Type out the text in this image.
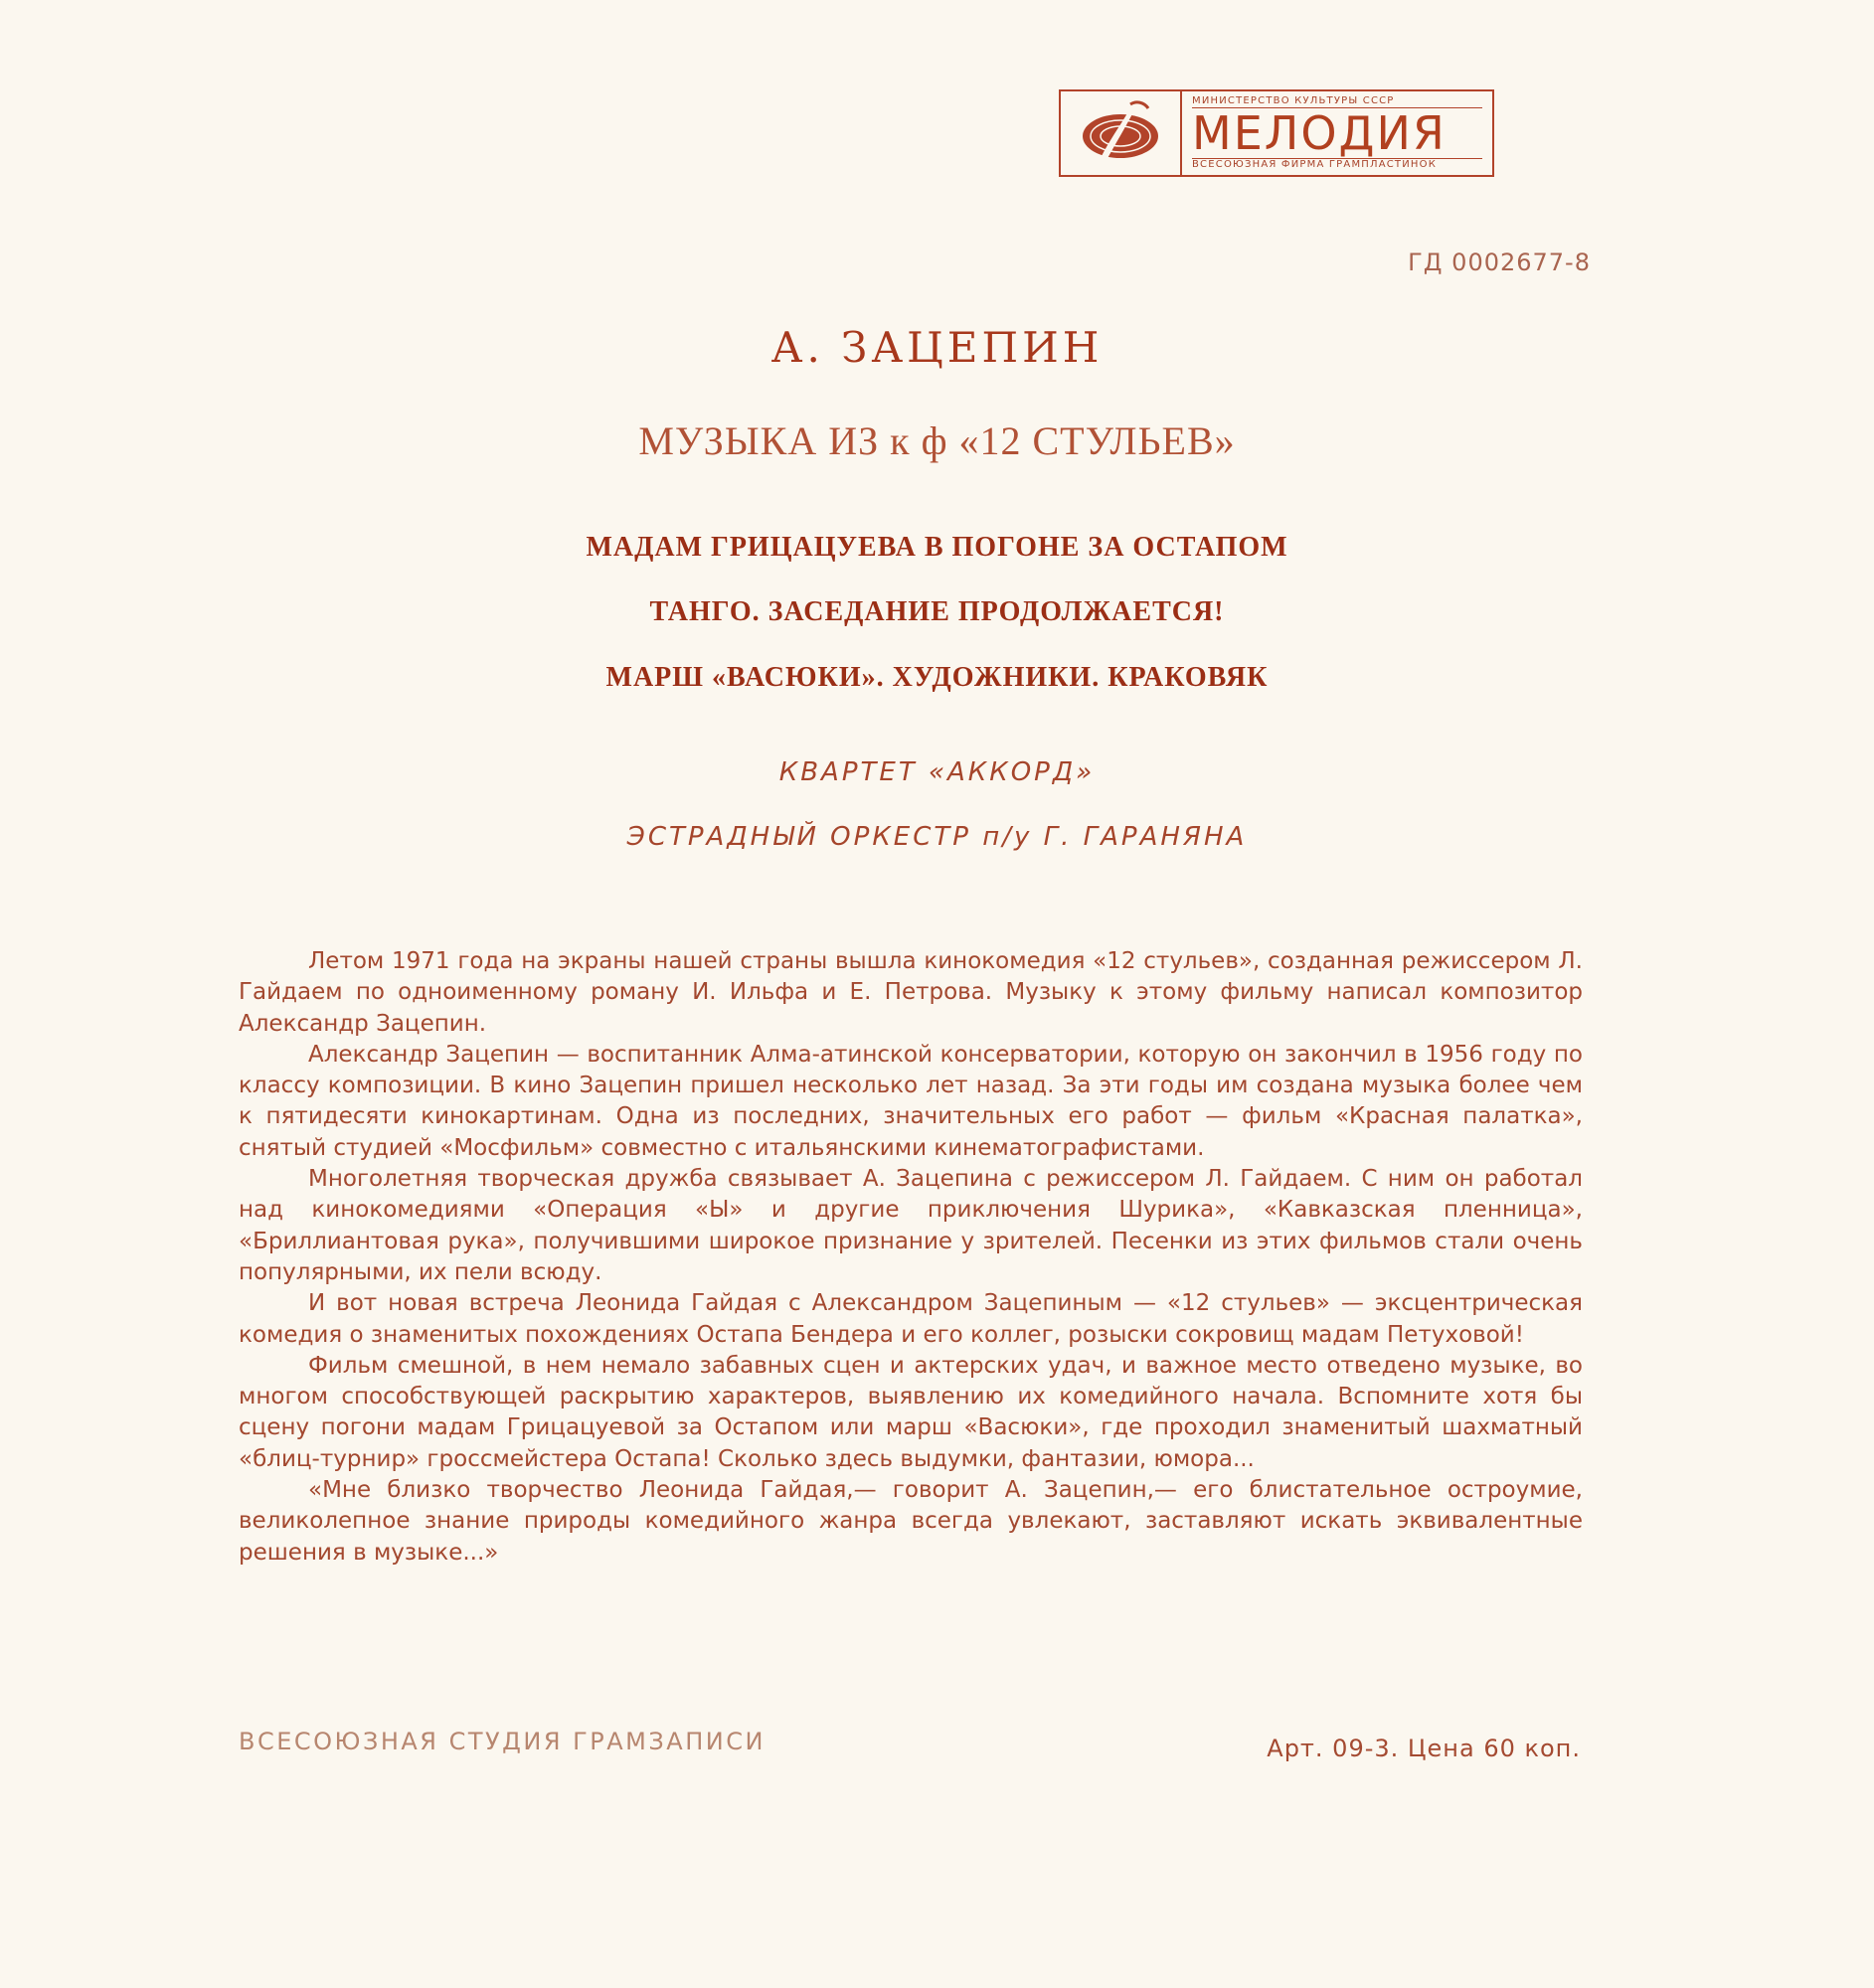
МИНИСТЕРСТВО КУЛЬТУРЫ СССР
МЕЛОДИЯ
ВСЕСОЮЗНАЯ ФИРМА ГРАМПЛАСТИНОК
ГД 0002677-8
А. ЗАЦЕПИН
МУЗЫКА ИЗ к ф «12 СТУЛЬЕВ»
МАДАМ ГРИЦАЦУЕВА В ПОГОНЕ ЗА ОСТАПОМ
ТАНГО. ЗАСЕДАНИЕ ПРОДОЛЖАЕТСЯ!
МАРШ «ВАСЮКИ». ХУДОЖНИКИ. КРАКОВЯК
КВАРТЕТ «АККОРД»
ЭСТРАДНЫЙ ОРКЕСТР п/у Г. ГАРАНЯНА

Летом 1971 года на экраны нашей страны вышла кинокомедия «12 стульев», созданная режиссером Л. Гайдаем по одноименному роману И. Ильфа и Е. Петрова. Музыку к этому фильму написал композитор Александр Зацепин.

Александр Зацепин — воспитанник Алма-атинской консерватории, которую он закончил в 1956 году по классу композиции. В кино Зацепин пришел несколько лет назад. За эти годы им создана музыка более чем к пятидесяти кинокартинам. Одна из последних, значительных его работ — фильм «Красная палатка», снятый студией «Мосфильм» совместно с итальянскими кинематографистами.

Многолетняя творческая дружба связывает А. Зацепина с режиссером Л. Гайдаем. С ним он работал над кинокомедиями «Операция «Ы» и другие приключения Шурика», «Кавказская пленница», «Бриллиантовая рука», получившими широкое признание у зрителей. Песенки из этих фильмов стали очень популярными, их пели всюду.

И вот новая встреча Леонида Гайдая с Александром Зацепиным — «12 стульев» — эксцентрическая комедия о знаменитых похождениях Остапа Бендера и его коллег, розыски сокровищ мадам Петуховой!

Фильм смешной, в нем немало забавных сцен и актерских удач, и важное место отведено музыке, во многом способствующей раскрытию характеров, выявлению их комедийного начала. Вспомните хотя бы сцену погони мадам Грицацуевой за Остапом или марш «Васюки», где проходил знаменитый шахматный «блиц-турнир» гроссмейстера Остапа! Сколько здесь выдумки, фантазии, юмора...

«Мне близко творчество Леонида Гайдая,— говорит А. Зацепин,— его блистательное остроумие, великолепное знание природы комедийного жанра всегда увлекают, заставляют искать эквивалентные решения в музыке...»

ВСЕСОЮЗНАЯ СТУДИЯ ГРАМЗАПИСИ	Арт. 09-3. Цена 60 коп.
